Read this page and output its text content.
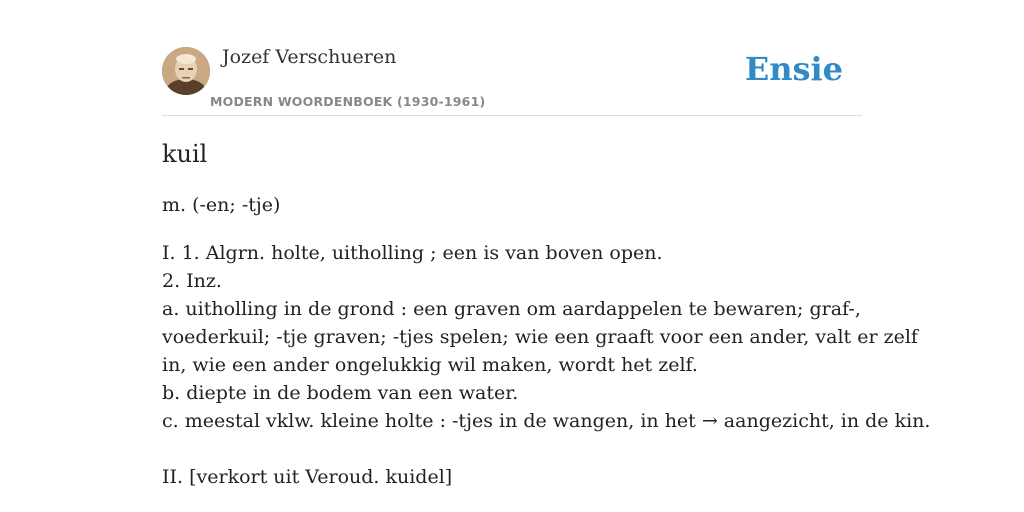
Jozef Verschueren
MODERN WOORDENBOEK (1930-1961)
Ensie
kuil
m. (-en; -tje)
I. 1. Algrn. holte, uitholling ; een is van boven open.
2. Inz.
a. uitholling in de grond : een graven om aardappelen te bewaren; graf-,
voederkuil; -tje graven; -tjes spelen; wie een graaft voor een ander, valt er zelf
in, wie een ander ongelukkig wil maken, wordt het zelf.
b. diepte in de bodem van een water.
c. meestal vklw. kleine holte : -tjes in de wangen, in het → aangezicht, in de kin.
II. [verkort uit Veroud. kuidel]
